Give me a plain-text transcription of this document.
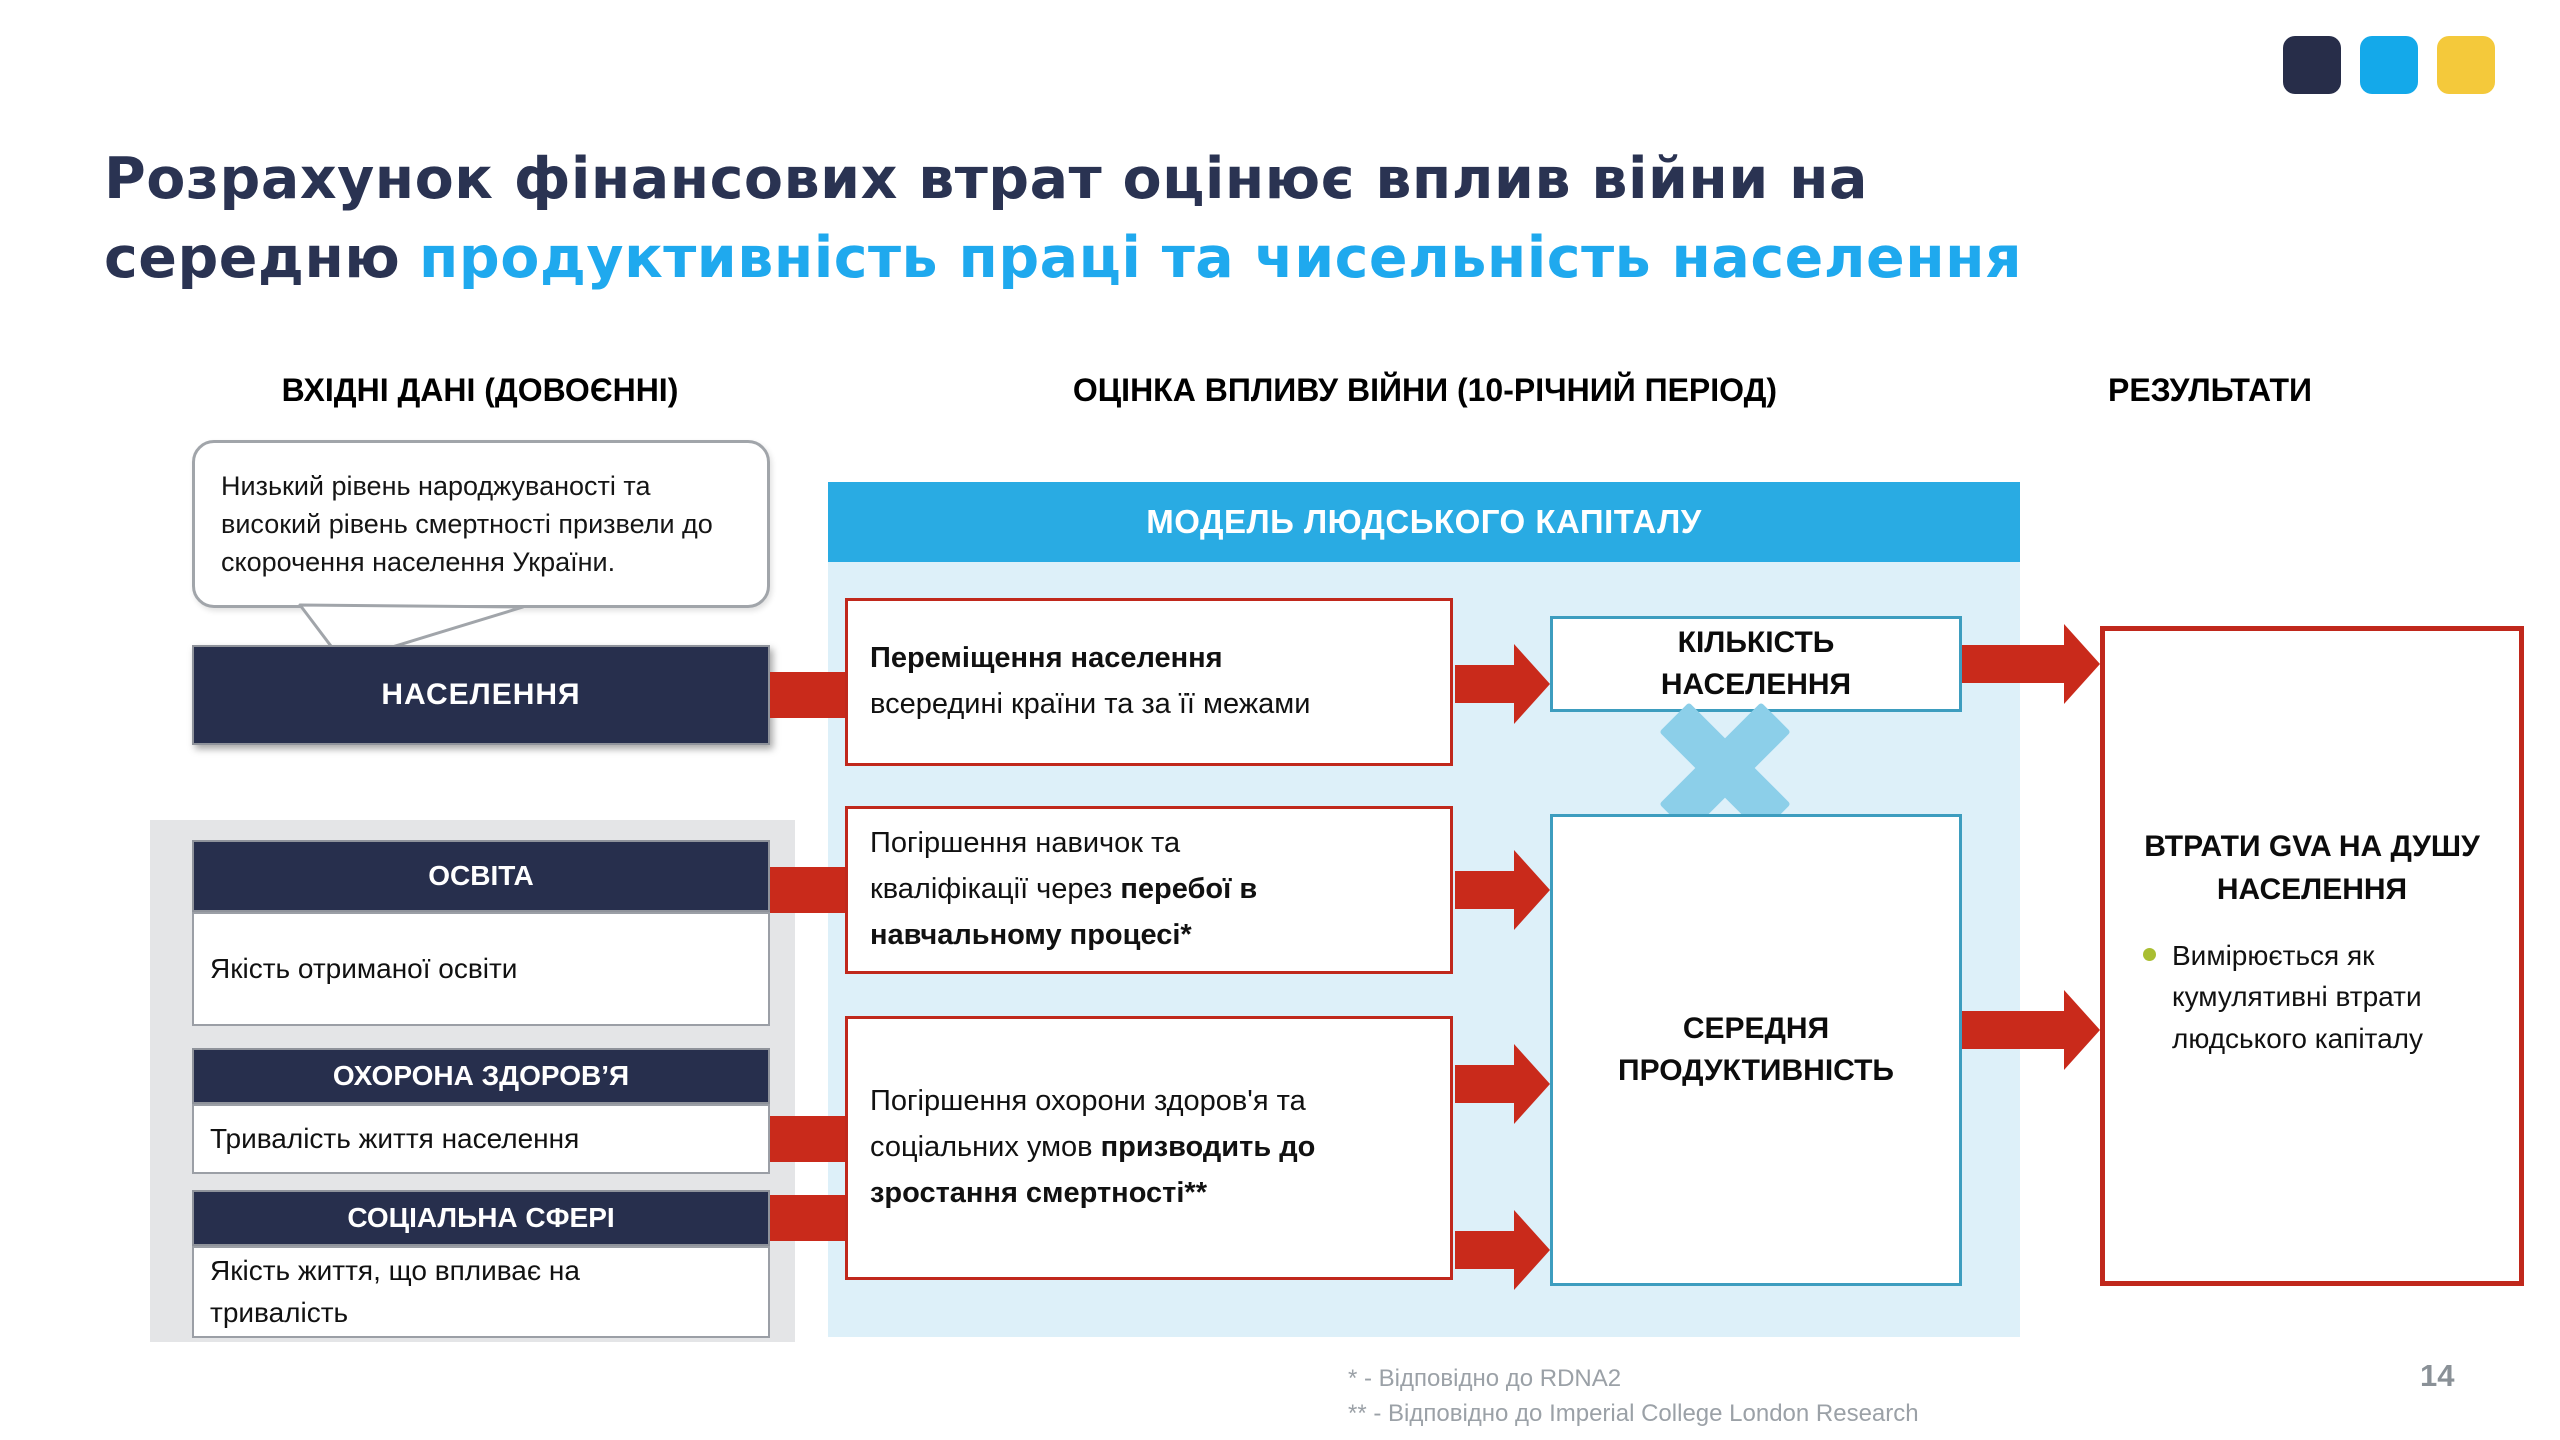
Розрахунок фінансових втрат оцінює вплив війни на
середню продуктивність праці та чисельність населення
ВХІДНІ ДАНІ (ДОВОЄННІ)	ОЦІНКА ВПЛИВУ ВІЙНИ (10-РІЧНИЙ ПЕРІОД)	РЕЗУЛЬТАТИ
МОДЕЛЬ ЛЮДСЬКОГО КАПІТАЛУ
Низький рівень народжуваності та високий рівень смертності призвели до скорочення населення України.
НАСЕЛЕННЯ
ОСВІТА
Якість отриманої освіти
ОХОРОНА ЗДОРОВ’Я
Тривалість життя населення
СОЦІАЛЬНА СФЕРІ
Якість життя, що впливає на тривалість
Переміщення населення
всередині країни та за її межами
Погіршення навичок та
кваліфікації через перебої в
навчальному процесі*
Погіршення охорони здоров'я та
соціальних умов призводить до
зростання смертності**
КІЛЬКІСТЬ НАСЕЛЕННЯ
СЕРЕДНЯ ПРОДУКТИВНІСТЬ
ВТРАТИ GVA НА ДУШУ НАСЕЛЕННЯ
Вимірюється як кумулятивні втрати людського капіталу
* - Відповідно до RDNA2
** - Відповідно до Imperial College London Research
14
